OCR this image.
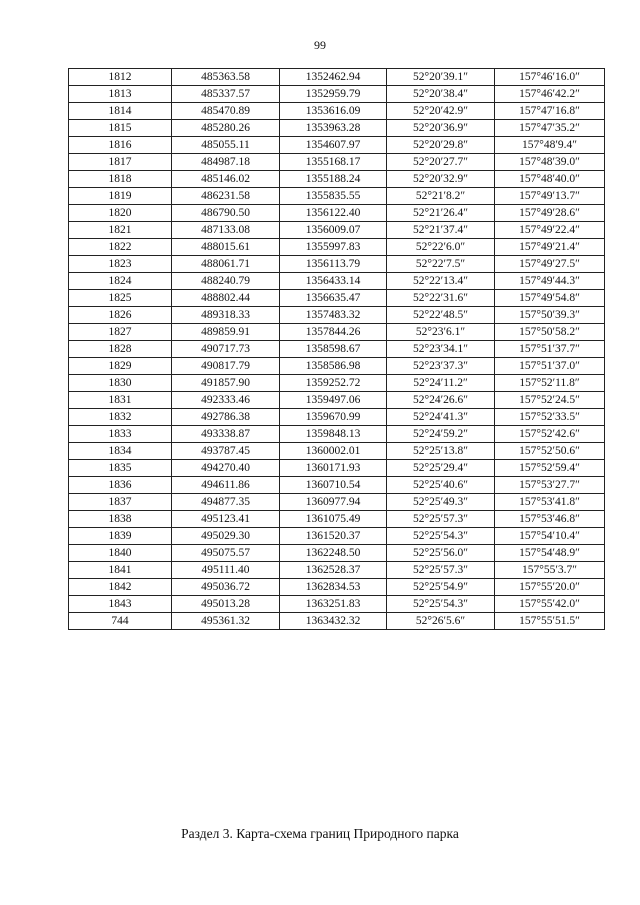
99
1812	485363.58	1352462.94	52°20′39.1″	157°46′16.0″
1813	485337.57	1352959.79	52°20′38.4″	157°46′42.2″
1814	485470.89	1353616.09	52°20′42.9″	157°47′16.8″
1815	485280.26	1353963.28	52°20′36.9″	157°47′35.2″
1816	485055.11	1354607.97	52°20′29.8″	157°48′9.4″
1817	484987.18	1355168.17	52°20′27.7″	157°48′39.0″
1818	485146.02	1355188.24	52°20′32.9″	157°48′40.0″
1819	486231.58	1355835.55	52°21′8.2″	157°49′13.7″
1820	486790.50	1356122.40	52°21′26.4″	157°49′28.6″
1821	487133.08	1356009.07	52°21′37.4″	157°49′22.4″
1822	488015.61	1355997.83	52°22′6.0″	157°49′21.4″
1823	488061.71	1356113.79	52°22′7.5″	157°49′27.5″
1824	488240.79	1356433.14	52°22′13.4″	157°49′44.3″
1825	488802.44	1356635.47	52°22′31.6″	157°49′54.8″
1826	489318.33	1357483.32	52°22′48.5″	157°50′39.3″
1827	489859.91	1357844.26	52°23′6.1″	157°50′58.2″
1828	490717.73	1358598.67	52°23′34.1″	157°51′37.7″
1829	490817.79	1358586.98	52°23′37.3″	157°51′37.0″
1830	491857.90	1359252.72	52°24′11.2″	157°52′11.8″
1831	492333.46	1359497.06	52°24′26.6″	157°52′24.5″
1832	492786.38	1359670.99	52°24′41.3″	157°52′33.5″
1833	493338.87	1359848.13	52°24′59.2″	157°52′42.6″
1834	493787.45	1360002.01	52°25′13.8″	157°52′50.6″
1835	494270.40	1360171.93	52°25′29.4″	157°52′59.4″
1836	494611.86	1360710.54	52°25′40.6″	157°53′27.7″
1837	494877.35	1360977.94	52°25′49.3″	157°53′41.8″
1838	495123.41	1361075.49	52°25′57.3″	157°53′46.8″
1839	495029.30	1361520.37	52°25′54.3″	157°54′10.4″
1840	495075.57	1362248.50	52°25′56.0″	157°54′48.9″
1841	495111.40	1362528.37	52°25′57.3″	157°55′3.7″
1842	495036.72	1362834.53	52°25′54.9″	157°55′20.0″
1843	495013.28	1363251.83	52°25′54.3″	157°55′42.0″
744	495361.32	1363432.32	52°26′5.6″	157°55′51.5″
Раздел 3. Карта-схема границ Природного парка
